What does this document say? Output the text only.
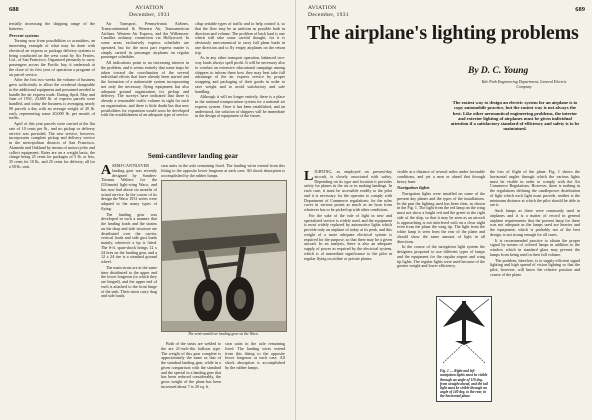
688	AVIATION
December, 1931

tertially increasing the shipping range of the batteries.

Percent systems

Turning now from possibilities to actualities, an interesting example of what may be done with electrical air express or package delivery systems is being conducted on the west coast by Air Ferries, Ltd., of San Francisco. Organized primarily to carry passengers across the Pacific bay, it undertook at the close of its first year of operation a program of air parcel service.

After the first two weeks the volume of business grew sufficiently to allow the overhead chargeable to the additional equipment and personnel needed to handle the air express trade. During April, May and June of 1931, 23,685 lb. of express parcels were handled, and today the business is averaging nearly 90 parcels a day with an average weight of 20 lb. each, representing some 20,000 lb. per month of traffic.

April of this year parcels were carried at the flat rate of 10 cents per lb., and no pickup or delivery service was provided. The new service, however, incorporates complete pickup and delivery service in the metropolitan districts of San Francisco, Alameda and Oakland by means of motorcycles and collect equipment. Rates are on a weight basis, the charge being 25 cents for packages of 5 lb. or less, 35 cents for 10 lb., and 25 cents for delivery, all for a 50-lb. unit.

Air Transport, Pennsylvania Airlines, Transcontinental & Western Air, Transamerican Airlines, Western Air Express, and the Willemsen-Candiles ordinary connection via Hollywood. In some areas exclusively express schedules are operated, but for the most part express matter is simply carried in passenger airplanes on regular passenger schedules.

All indications point to an increasing interest in the problem, and it seems entirely that some steps be taken toward the coordination of the several individual efforts that have already been started and the formation of a nationwide system incorporating not only the necessary flying equipment but also adequate ground organization for pickup and delivery. The surveys have indicated that there is already a reasonable traffic volume in sight for such an organization, and there is little doubt but that new possibilities for expansion would soon be developed with the establishment of an adequate type of service.

ctlup settable types of traffic and to help control it, so that the flow may be as uniform as possible both in direction and volume. The problem of back haul is one which will take some careful thought, for it is obviously uneconomical to carry full plane loads in one direction and to fly empty airplanes on the return trip.

As in any other transport operation, balanced two-way loads always spell profit. It will be necessary also to conduct an extensive educational campaign among shippers to inform them how they may best take full advantage of the air express service by proper wrapping and packaging of their goods in order to save weight and to avoid satisfactory and safe handling.

Although it will no longer entirely, there is a place in the national transportation system for a national air express system. Once it has been established, and an understood, the solution of shippers will be immediate in the design of equipment of the future.

Semi-cantilever landing gear
A SEMI-CANTILEVER landing gear was recently designed by Sanders-Thomas Walters for the (Ultimate) light-wing Waco, and has now had about six months of actual service. In the course of its design the Waco 1931 series were adapted to the many types of flying.

The landing gear was developed in such a manner that the landing loads and the strains on the shop and side structure are distributed over the carrier, vertical loads and side gust loads mainly, wherever a tip is fitted. The 6-ft. span-shock brings 12 x 24 tires on the landing gear, and a 12 x 24 tire is a standard ground wheel.

The main struts are at the same time distributed to the upper and the lower longeron (to which they are hinged), and the upper end of each is attached to the front hinge of the stub. Their struts carry drag and side loads.

sion units in the axle remaining fixed. The landing wires extend from this fitting to the opposite lower longeron at each case. All shock absorption is accomplished by the rubber lumps.

The semi-cantilever landing gear on the Waco

Both of the struts are welded to the are 21-inch-dia. balloon type. The weight of this gear complete is approximately the same as that of the standard landing gear, while in a given comparison with the standard and the special in a landing gear that has been reduced considerably, the gross weight of the plane has been increased about 7 to 20 sq. ft.

sion units in the axle remaining fixed. The landing wires extend from this fitting to the opposite lower longeron at each case. All shock absorption is accomplished by the rubber lumps.

AVIATION
December, 1931
689
The airplane's lighting problems
By D. C. Young
Yale Park Engineering Department, General Electric Company
The easiest way to design an electric system for an airplane is to copy automobile practice, but the easiest way is not always the best. Like other aeronautical engineering problems, the interior and exterior lighting of airplanes must be given individual attention if a satisfactory standard of efficiency and safety is to be maintained.
L IGHTING, as employed on present-day aircraft, is closely associated with safety. Depending on its type and location it provides safety for planes in the air or in making landings. In each case, it must be accessible readily to the pilot and it is necessary for the operator to comply with Department of Commerce regulations; for the rules cover in various points as much as an hour from whatever has to be picked up with other conditions.

For the sake of the rule of light in new and specialized service is widely used, and the equipment is most widely replaced by automotive lights which provide only an airplane of today at its peak, and this weight of a more adequate electrical system is required for the purpose, so that there may be a given aircraft. In an analysis, there is also an adequate supply of power as required by the electrical system, which is of immediate significance to the pilot in regular flying on airline or private planes.

visible at a distance of several miles under favorable conditions, and yet a near or ahead that through heavy haze.

Navigation lights

Navigation lights were installed on some of the present day planes and the types of the installations. In the past the lighting used has been clear, as shown in the Fig. 1. The light from the red lamp on the wing must not show a bright red and the green to the right side of the ship, so that it may be seen as an aircraft is approaching is not interfered with on a clear night even from the plane the wing tip. The light from the white lamp is seen from the rear of the plane and should show the same amount of light in all directions.

In the course of the navigation light system the designers proposed to use different types of lamps and the equipment for the regular airport and wing tip lights. The regular lights were used because of the greater weight and lower efficiency.

the loss of flight of the plane. Fig. 1 shows the horizontal angles through which the various lights must be visible in order to comply with the Air Commerce Regulations. However, there is nothing in the regulations defining the candlepower distribution of light which each light must provide, neither is the minimum distance at which the pilot should be able to see it.

Such lamps as these were commonly used in airplanes and it is a matter of record in general airplane requirements that the present lamp for these was not adequate as the lamps used are heavier and the equipment, which is probably not of the best design, is not strong enough for all cases.

It is recommended practice to obtain the proper signal by means of colored lamps in addition to the window which in standard glass may prevent the lamps from being used in their full volume.

The problem, therefore, is to supply efficient signal lighting and high spread of vision lighting so that the pilot, however, will know the relative position and course of the plane.

Fig. 1 — Right and left navigation lights must be visible through an angle of 110 deg. from straight ahead, and the tail light must be visible through an angle of 140 deg. to the rear, in the horizontal plane.
